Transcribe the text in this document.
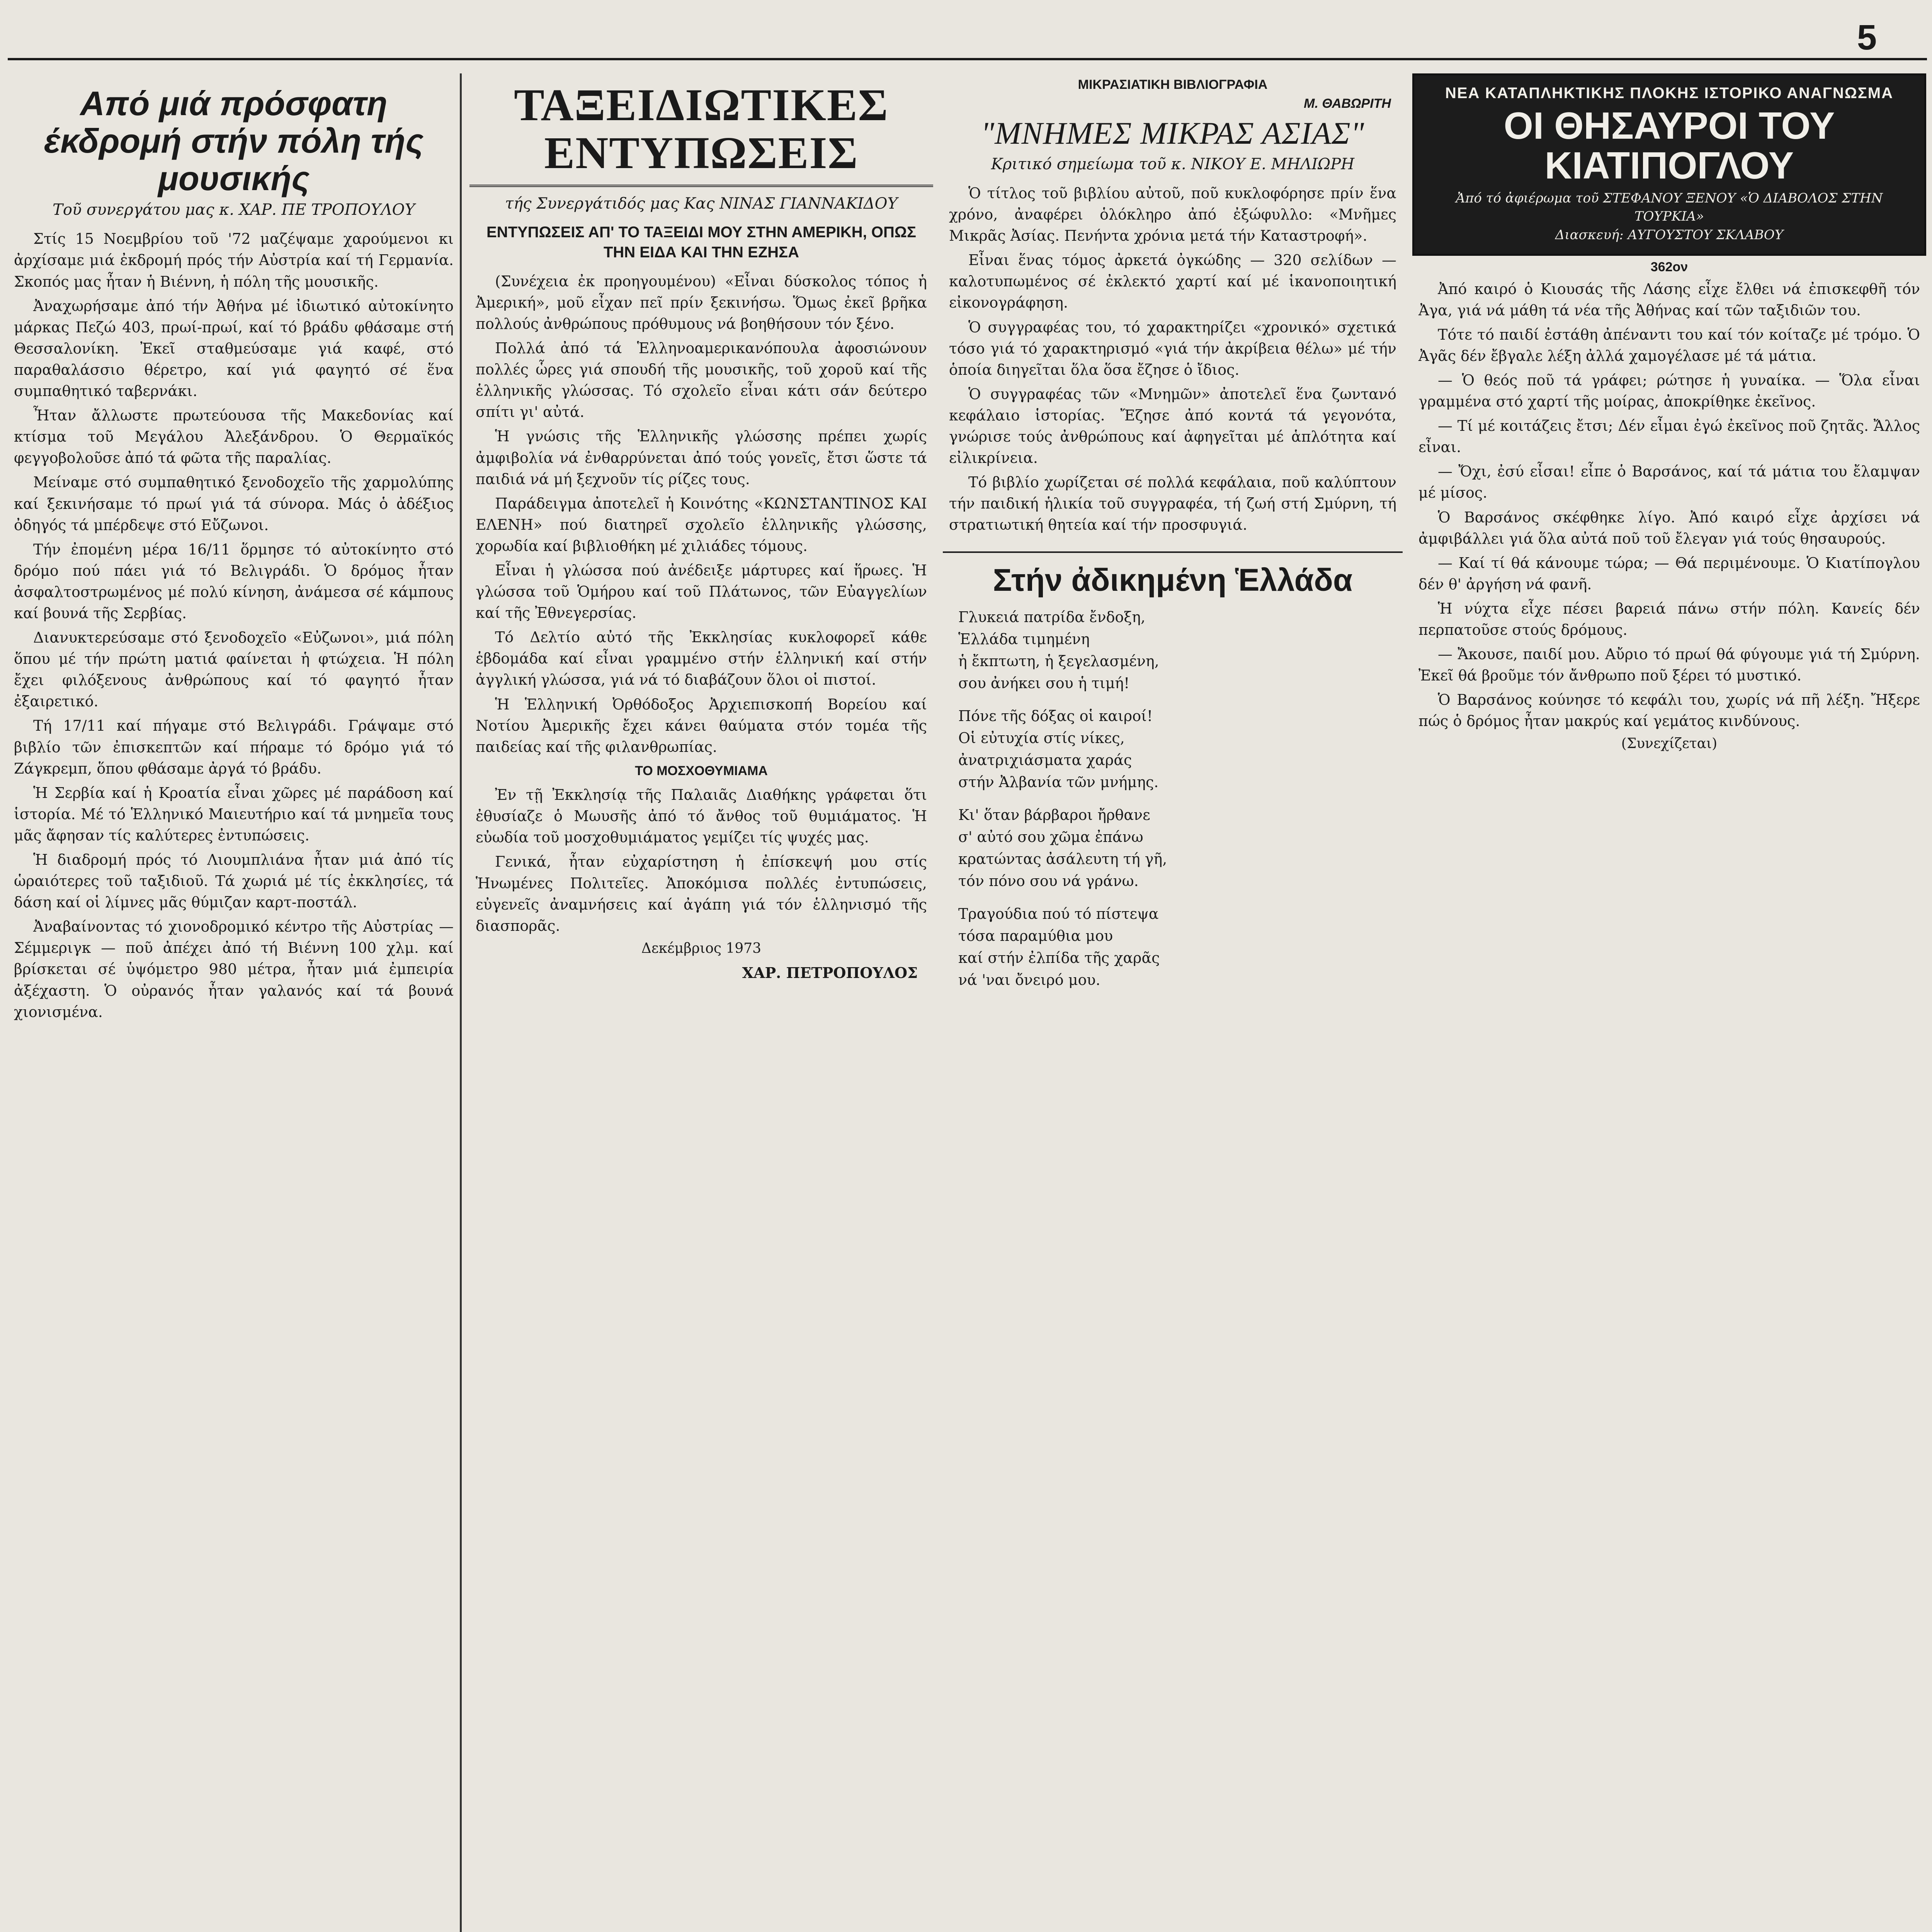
5
Από μιά πρόσφατη έκδρομή στήν πόλη τής μουσικής
Τοῦ συνεργάτου μας κ. ΧΑΡ. ΠΕ ΤΡΟΠΟΥΛΟΥ

Στίς 15 Νοεμβρίου τοῦ '72 μαζέψαμε χαρούμενοι κι ἀρχίσαμε μιά ἐκδρομή πρός τήν Αὐστρία καί τή Γερμανία. Σκοπός μας ἦταν ἡ Βιέννη, ἡ πόλη τῆς μουσικῆς.

Ἀναχωρήσαμε ἀπό τήν Ἀθήνα μέ ἰδιωτικό αὐτοκίνητο μάρκας Πεζώ 403, πρωί-πρωί, καί τό βράδυ φθάσαμε στή Θεσσαλονίκη. Ἐκεῖ σταθμεύσαμε γιά καφέ, στό παραθαλάσσιο θέρετρο, καί γιά φαγητό σέ ἕνα συμπαθητικό ταβερνάκι.

Ἦταν ἄλλωστε πρωτεύουσα τῆς Μακεδονίας καί κτίσμα τοῦ Μεγάλου Ἀλεξάνδρου. Ὁ Θερμαϊκός φεγγοβολοῦσε ἀπό τά φῶτα τῆς παραλίας.

Μείναμε στό συμπαθητικό ξενοδοχεῖο τῆς χαρμολύπης καί ξεκινήσαμε τό πρωί γιά τά σύνορα. Μάς ὁ ἀδέξιος ὀδηγός τά μπέρδεψε στό Εὔζωνοι.

Τήν ἐπομένη μέρα 16/11 ὅρμησε τό αὐτοκίνητο στό δρόμο πού πάει γιά τό Βελιγράδι. Ὁ δρόμος ἦταν ἀσφαλτοστρωμένος μέ πολύ κίνηση, ἀνάμεσα σέ κάμπους καί βουνά τῆς Σερβίας.

Διανυκτερεύσαμε στό ξενοδοχεῖο «Εὐζωνοι», μιά πόλη ὅπου μέ τήν πρώτη ματιά φαίνεται ἡ φτώχεια. Ἡ πόλη ἔχει φιλόξενους ἀνθρώπους καί τό φαγητό ἦταν ἐξαιρετικό.

Τή 17/11 καί πήγαμε στό Βελιγράδι. Γράψαμε στό βιβλίο τῶν ἐπισκεπτῶν καί πήραμε τό δρόμο γιά τό Ζάγκρεμπ, ὅπου φθάσαμε ἀργά τό βράδυ.

Ἡ Σερβία καί ἡ Κροατία εἶναι χῶρες μέ παράδοση καί ἱστορία. Μέ τό Ἑλληνικό Μαιευτήριο καί τά μνημεῖα τους μᾶς ἄφησαν τίς καλύτερες ἐντυπώσεις.

Ἡ διαδρομή πρός τό Λιουμπλιάνα ἦταν μιά ἀπό τίς ὡραιότερες τοῦ ταξιδιοῦ. Τά χωριά μέ τίς ἐκκλησίες, τά δάση καί οἱ λίμνες μᾶς θύμιζαν καρτ-ποστάλ.

Ἀναβαίνοντας τό χιονοδρομικό κέντρο τῆς Αὐστρίας — Σέμμεριγκ — ποῦ ἀπέχει ἀπό τή Βιέννη 100 χλμ. καί βρίσκεται σέ ὑψόμετρο 980 μέτρα, ἦταν μιά ἐμπειρία ἀξέχαστη. Ὁ οὐρανός ἦταν γαλανός καί τά βουνά χιονισμένα.

ΤΑΞΕΙΔΙΩΤΙΚΕΣ ΕΝΤΥΠΩΣΕΙΣ
τής Συνεργάτιδός μας Κας ΝΙΝΑΣ ΓΙΑΝΝΑΚΙΔΟΥ
ΕΝΤΥΠΩΣΕΙΣ ΑΠ' ΤΟ ΤΑΞΕΙΔΙ ΜΟΥ ΣΤΗΝ ΑΜΕΡΙΚΗ, ΟΠΩΣ ΤΗΝ ΕΙΔΑ ΚΑΙ ΤΗΝ ΕΖΗΣΑ

(Συνέχεια ἐκ προηγουμένου) «Εἶναι δύσκολος τόπος ἡ Ἀμερική», μοῦ εἶχαν πεῖ πρίν ξεκινήσω. Ὅμως ἐκεῖ βρῆκα πολλούς ἀνθρώπους πρόθυμους νά βοηθήσουν τόν ξένο.

Πολλά ἀπό τά Ἑλληνοαμερικανόπουλα ἀφοσιώνουν πολλές ὧρες γιά σπουδή τῆς μουσικῆς, τοῦ χοροῦ καί τῆς ἑλληνικῆς γλώσσας. Τό σχολεῖο εἶναι κάτι σάν δεύτερο σπίτι γι' αὐτά.

Ἡ γνώσις τῆς Ἑλληνικῆς γλώσσης πρέπει χωρίς ἀμφιβολία νά ἐνθαρρύνεται ἀπό τούς γονεῖς, ἔτσι ὥστε τά παιδιά νά μή ξεχνοῦν τίς ρίζες τους.

Παράδειγμα ἀποτελεῖ ἡ Κοινότης «ΚΩΝΣΤΑΝΤΙΝΟΣ ΚΑΙ ΕΛΕΝΗ» πού διατηρεῖ σχολεῖο ἑλληνικῆς γλώσσης, χορωδία καί βιβλιοθήκη μέ χιλιάδες τόμους.

Εἶναι ἡ γλώσσα πού ἀνέδειξε μάρτυρες καί ἥρωες. Ἡ γλώσσα τοῦ Ὁμήρου καί τοῦ Πλάτωνος, τῶν Εὐαγγελίων καί τῆς Ἐθνεγερσίας.

Τό Δελτίο αὐτό τῆς Ἐκκλησίας κυκλοφορεῖ κάθε ἑβδομάδα καί εἶναι γραμμένο στήν ἑλληνική καί στήν ἀγγλική γλώσσα, γιά νά τό διαβάζουν ὅλοι οἱ πιστοί.

Ἡ Ἑλληνική Ὀρθόδοξος Ἀρχιεπισκοπή Βορείου καί Νοτίου Ἀμερικῆς ἔχει κάνει θαύματα στόν τομέα τῆς παιδείας καί τῆς φιλανθρωπίας.

ΤΟ ΜΟΣΧΟΘΥΜΙΑΜΑ

Ἐν τῇ Ἐκκλησίᾳ τῆς Παλαιᾶς Διαθήκης γράφεται ὅτι ἐθυσίαζε ὁ Μωυσῆς ἀπό τό ἄνθος τοῦ θυμιάματος. Ἡ εὐωδία τοῦ μοσχοθυμιάματος γεμίζει τίς ψυχές μας.

Γενικά, ἦταν εὐχαρίστηση ἡ ἐπίσκεψή μου στίς Ἡνωμένες Πολιτεῖες. Ἀποκόμισα πολλές ἐντυπώσεις, εὐγενεῖς ἀναμνήσεις καί ἀγάπη γιά τόν ἑλληνισμό τῆς διασπορᾶς.

Δεκέμβριος 1973
ΧΑΡ. ΠΕΤΡΟΠΟΥΛΟΣ
ΜΙΚΡΑΣΙΑΤΙΚΗ ΒΙΒΛΙΟΓΡΑΦΙΑ
Μ. ΘΑΒΩΡΙΤΗ
"ΜΝΗΜΕΣ ΜΙΚΡΑΣ ΑΣΙΑΣ"
Κριτικό σημείωμα τοῦ κ. ΝΙΚΟΥ Ε. ΜΗΛΙΩΡΗ

Ὁ τίτλος τοῦ βιβλίου αὐτοῦ, ποῦ κυκλοφόρησε πρίν ἕνα χρόνο, ἀναφέρει ὁλόκληρο ἀπό ἐξώφυλλο: «Μνῆμες Μικρᾶς Ἀσίας. Πενήντα χρόνια μετά τήν Καταστροφή».

Εἶναι ἕνας τόμος ἀρκετά ὀγκώδης — 320 σελίδων — καλοτυπωμένος σέ ἐκλεκτό χαρτί καί μέ ἱκανοποιητική εἰκονογράφηση.

Ὁ συγγραφέας του, τό χαρακτηρίζει «χρονικό» σχετικά τόσο γιά τό χαρακτηρισμό «γιά τήν ἀκρίβεια θέλω» μέ τήν ὁποία διηγεῖται ὅλα ὅσα ἔζησε ὁ ἴδιος.

Ὁ συγγραφέας τῶν «Μνημῶν» ἀποτελεῖ ἕνα ζωντανό κεφάλαιο ἱστορίας. Ἔζησε ἀπό κοντά τά γεγονότα, γνώρισε τούς ἀνθρώπους καί ἀφηγεῖται μέ ἁπλότητα καί εἰλικρίνεια.

Τό βιβλίο χωρίζεται σέ πολλά κεφάλαια, ποῦ καλύπτουν τήν παιδική ἡλικία τοῦ συγγραφέα, τή ζωή στή Σμύρνη, τή στρατιωτική θητεία καί τήν προσφυγιά.

Στήν ἀδικημένη Ἑλλάδα
Γλυκειά πατρίδα ἔνδοξη,
Ἑλλάδα τιμημένη
ἡ ἔκπτωτη, ἡ ξεγελασμένη,
σου ἀνήκει σου ἡ τιμή!
Πόνε τῆς δόξας οἱ καιροί!
Οἱ εὐτυχία στίς νίκες,
ἀνατριχιάσματα χαράς
στήν Ἀλβανία τῶν μνήμης.
Κι' ὅταν βάρβαροι ἤρθανε
σ' αὐτό σου χῶμα ἐπάνω
κρατώντας ἀσάλευτη τή γῆ,
τόν πόνο σου νά γράνω.
Τραγούδια πού τό πίστεψα
τόσα παραμύθια μου
καί στήν ἐλπίδα τῆς χαρᾶς
νά 'ναι ὄνειρό μου.
ΝΕΑ ΚΑΤΑΠΛΗΚΤΙΚΗΣ ΠΛΟΚΗΣ ΙΣΤΟΡΙΚΟ ΑΝΑΓΝΩΣΜΑ
ΟΙ ΘΗΣΑΥΡΟΙ ΤΟΥ ΚΙΑΤΙΠΟΓΛΟΥ
Ἀπό τό ἀφιέρωμα τοῦ ΣΤΕΦΑΝΟΥ ΞΕΝΟΥ «Ὁ ΔΙΑΒΟΛΟΣ ΣΤΗΝ ΤΟΥΡΚΙΑ»
Διασκευή: ΑΥΓΟΥΣΤΟΥ ΣΚΛΑΒΟΥ
362ον

Ἀπό καιρό ὁ Κιουσάς τῆς Λάσης εἶχε ἔλθει νά ἐπισκεφθῆ τόν Ἀγα, γιά νά μάθη τά νέα τῆς Ἀθήνας καί τῶν ταξιδιῶν του.

Τότε τό παιδί ἐστάθη ἀπέναντι του καί τόν κοίταζε μέ τρόμο. Ὁ Ἀγᾶς δέν ἔβγαλε λέξη ἀλλά χαμογέλασε μέ τά μάτια.

— Ὁ θεός ποῦ τά γράφει; ρώτησε ἡ γυναίκα. — Ὅλα εἶναι γραμμένα στό χαρτί τῆς μοίρας, ἀποκρίθηκε ἐκεῖνος.

— Τί μέ κοιτάζεις ἔτσι; Δέν εἶμαι ἐγώ ἐκεῖνος ποῦ ζητᾶς. Ἄλλος εἶναι.

— Ὄχι, ἐσύ εἶσαι! εἶπε ὁ Βαρσάνος, καί τά μάτια του ἔλαμψαν μέ μίσος.

Ὁ Βαρσάνος σκέφθηκε λίγο. Ἀπό καιρό εἶχε ἀρχίσει νά ἀμφιβάλλει γιά ὅλα αὐτά ποῦ τοῦ ἔλεγαν γιά τούς θησαυρούς.

— Καί τί θά κάνουμε τώρα; — Θά περιμένουμε. Ὁ Κιατίπογλου δέν θ' ἀργήση νά φανῆ.

Ἡ νύχτα εἶχε πέσει βαρειά πάνω στήν πόλη. Κανείς δέν περπατοῦσε στούς δρόμους.

— Ἄκουσε, παιδί μου. Αὔριο τό πρωί θά φύγουμε γιά τή Σμύρνη. Ἐκεῖ θά βροῦμε τόν ἄνθρωπο ποῦ ξέρει τό μυστικό.

Ὁ Βαρσάνος κούνησε τό κεφάλι του, χωρίς νά πῆ λέξη. Ἤξερε πώς ὁ δρόμος ἦταν μακρύς καί γεμάτος κινδύνους.

(Συνεχίζεται)
